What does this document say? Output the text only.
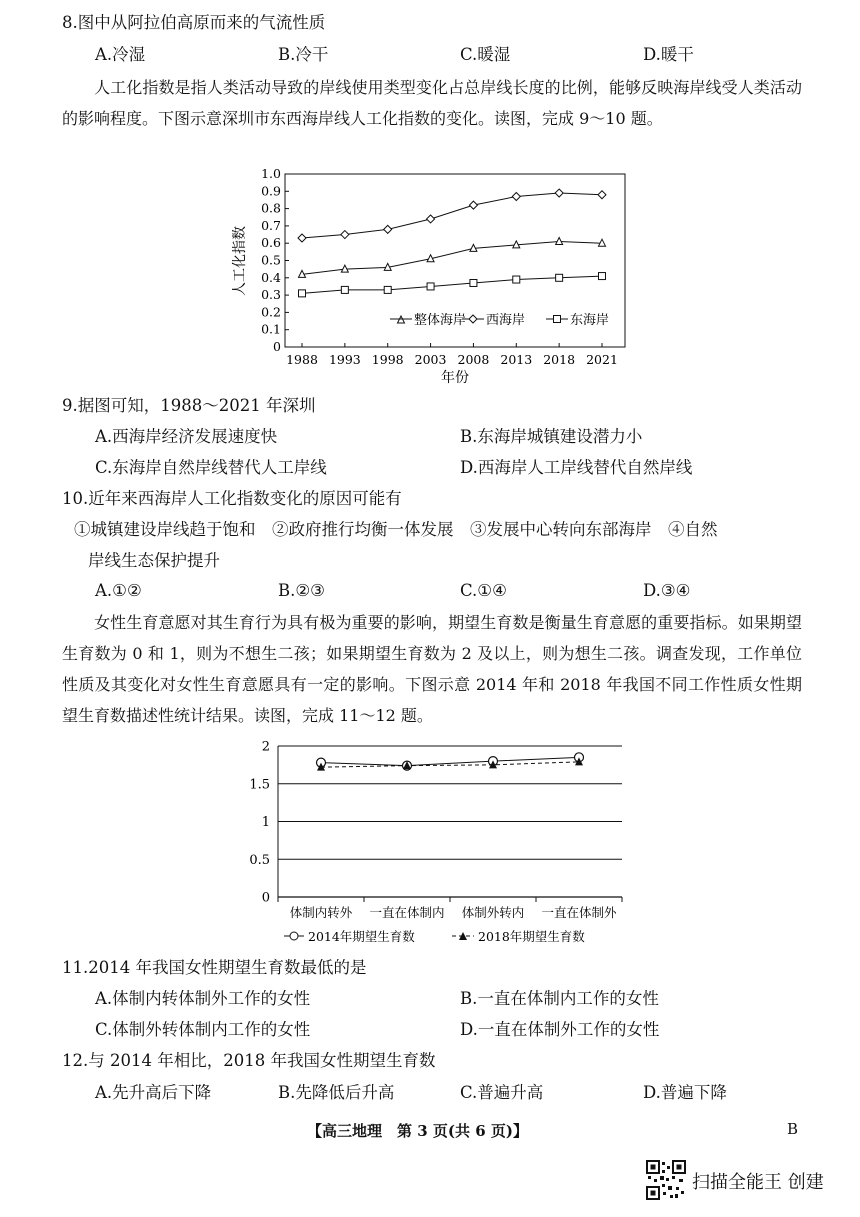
8.图中从阿拉伯高原而来的气流性质
A.冷湿	B.冷干	C.暖湿	D.暖干
人工化指数是指人类活动导致的岸线使用类型变化占总岸线长度的比例，能够反映海岸线受人类活动的影响程度。下图示意深圳市东西海岸线人工化指数的变化。读图，完成 9～10 题。
0
0.1
0.2
0.3
0.4
0.5
0.6
0.7
0.8
0.9
1.0
1988 1993 1998 2003 2008 2013 2018 2021
人工化指数
年份
整体海岸 西海岸	东海岸
9.据图可知，1988～2021 年深圳
A.西海岸经济发展速度快	B.东海岸城镇建设潜力小
C.东海岸自然岸线替代人工岸线	D.西海岸人工岸线替代自然岸线
10.近年来西海岸人工化指数变化的原因可能有
①城镇建设岸线趋于饱和　②政府推行均衡一体发展　③发展中心转向东部海岸　④自然
岸线生态保护提升
A.①②	B.②③	C.①④	D.③④
女性生育意愿对其生育行为具有极为重要的影响，期望生育数是衡量生育意愿的重要指标。如果期望生育数为 0 和 1，则为不想生二孩；如果期望生育数为 2 及以上，则为想生二孩。调查发现，工作单位性质及其变化对女性生育意愿具有一定的影响。下图示意 2014 年和 2018 年我国不同工作性质女性期望生育数描述性统计结果。读图，完成 11～12 题。
0
0.5
1
1.5
2
体制内转外 一直在体制内 体制外转内 一直在体制外
2014年期望生育数	2018年期望生育数
11.2014 年我国女性期望生育数最低的是
A.体制内转体制外工作的女性	B.一直在体制内工作的女性
C.体制外转体制内工作的女性	D.一直在体制外工作的女性
12.与 2014 年相比，2018 年我国女性期望生育数
A.先升高后下降	B.先降低后升高	C.普遍升高	D.普遍下降
【高三地理　第 3 页(共 6 页)】	B
扫描全能王 创建
